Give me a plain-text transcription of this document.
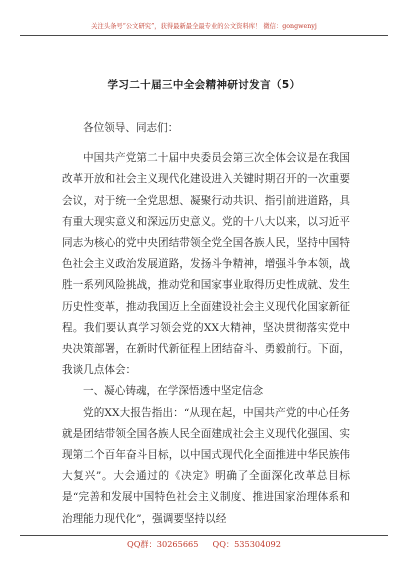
关注头条号“公文研究”，获得最新最全最专业的公文资料库！ 微信：gongwenyj
学习二十届三中全会精神研讨发言（5）

各位领导、同志们：

中国共产党第二十届中央委员会第三次全体会议是在我国改革开放和社会主义现代化建设进入关键时期召开的一次重要会议，对于统一全党思想、凝聚行动共识、指引前进道路，具有重大现实意义和深远历史意义。党的十八大以来，以习近平同志为核心的党中央团结带领全党全国各族人民，坚持中国特色社会主义政治发展道路，发扬斗争精神，增强斗争本领，战胜一系列风险挑战，推动党和国家事业取得历史性成就、发生历史性变革，推动我国迈上全面建设社会主义现代化国家新征程。我们要认真学习领会党的XX大精神，坚决贯彻落实党中央决策部署，在新时代新征程上团结奋斗、勇毅前行。下面，我谈几点体会：

一、凝心铸魂，在学深悟透中坚定信念

党的XX大报告指出：“从现在起，中国共产党的中心任务就是团结带领全国各族人民全面建成社会主义现代化强国、实现第二个百年奋斗目标，以中国式现代化全面推进中华民族伟大复兴”。大会通过的《决定》明确了全面深化改革总目标是“完善和发展中国特色社会主义制度、推进国家治理体系和治理能力现代化”，强调要坚持以经

QQ群：30265665 QQ：535304092
